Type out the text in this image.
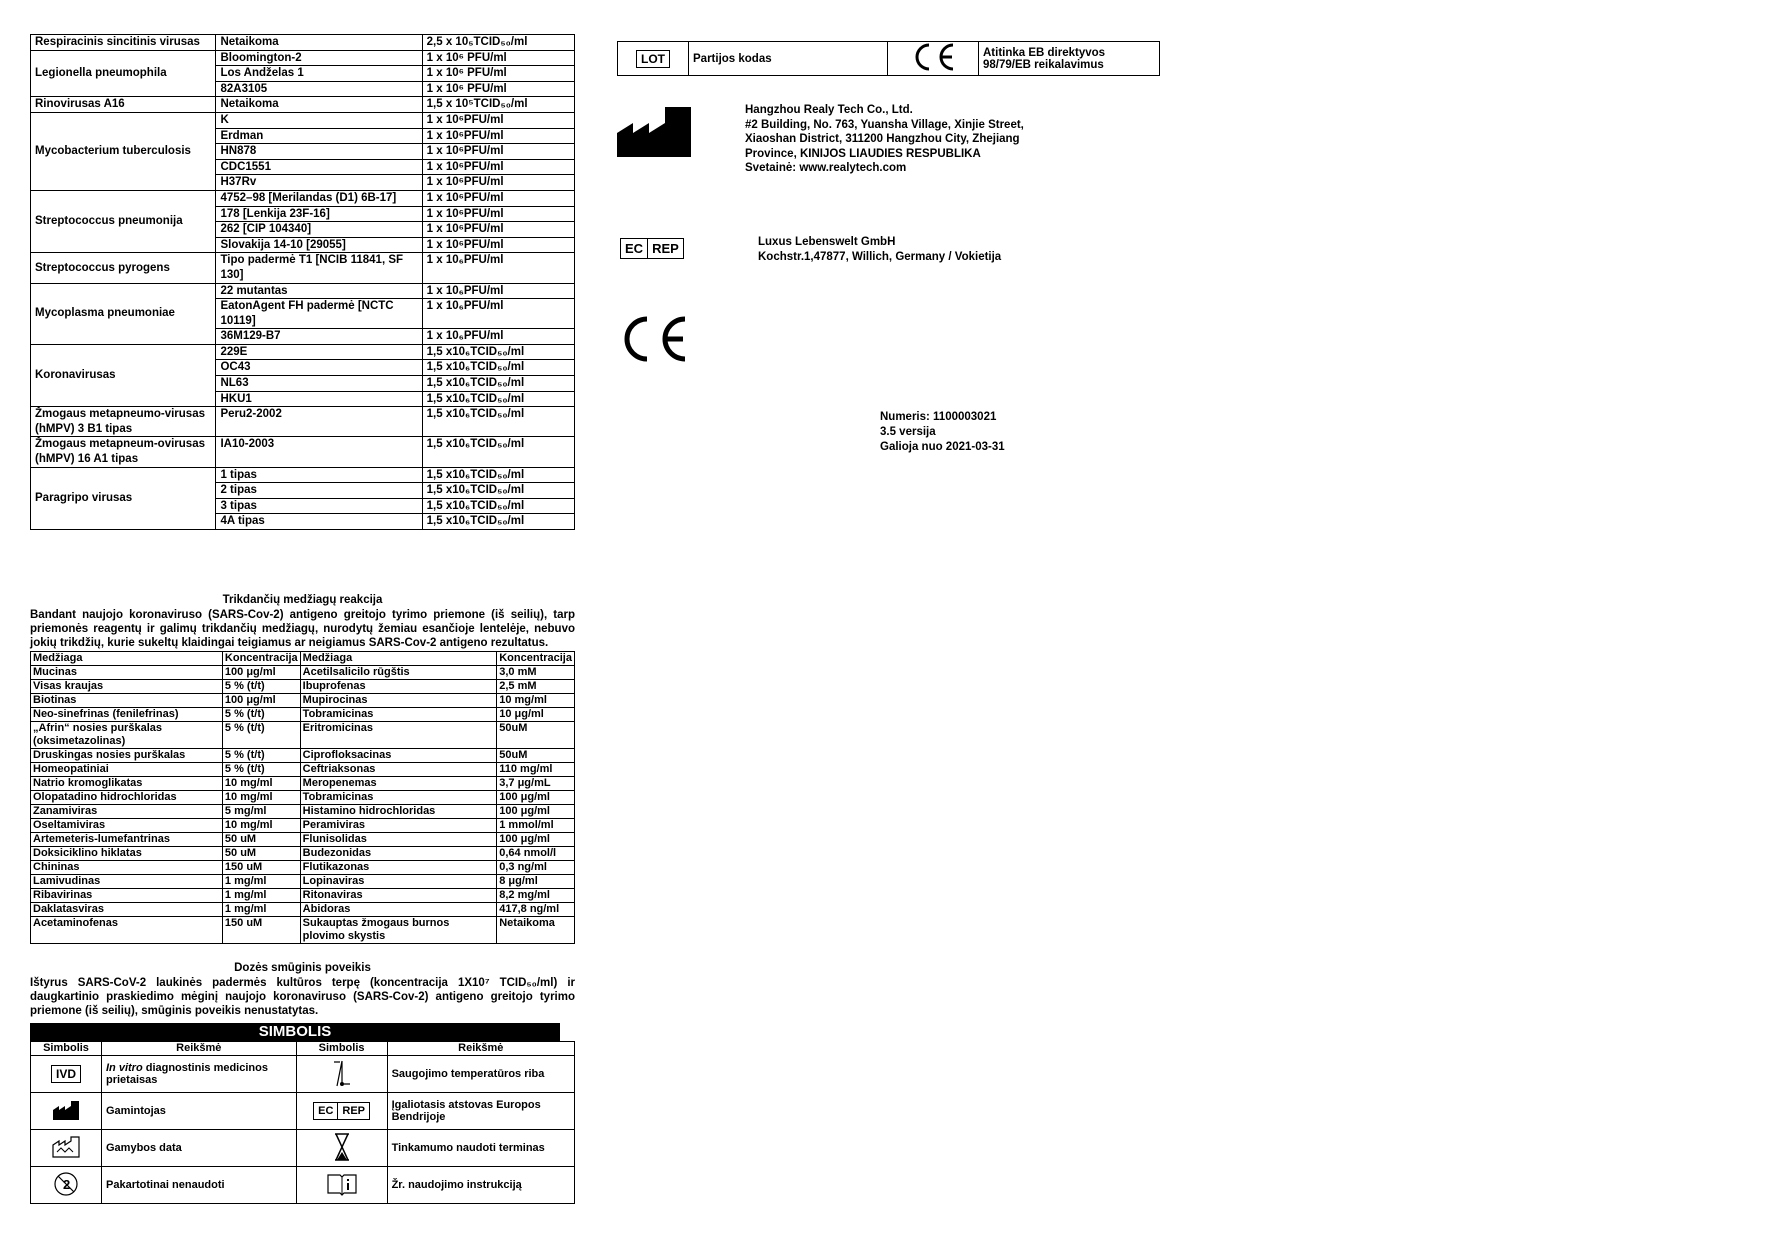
Respiracinis sincitinis virusas	Netaikoma	2,5 x 10₅TCID₅₀/ml
Legionella pneumophila	Bloomington-2	1 x 10⁶ PFU/ml
	Los Andželas 1	1 x 10⁶ PFU/ml
	82A3105	1 x 10⁶ PFU/ml
Rinovirusas A16	Netaikoma	1,5 x 10⁵TCID₅₀/ml
Mycobacterium tuberculosis	K	1 x 10⁶PFU/ml
	Erdman	1 x 10⁶PFU/ml
	HN878	1 x 10⁶PFU/ml
	CDC1551	1 x 10⁶PFU/ml
	H37Rv	1 x 10⁶PFU/ml
Streptococcus pneumonija	4752–98 [Merilandas (D1) 6B-17]	1 x 10⁶PFU/ml
	178 [Lenkija 23F-16]	1 x 10⁶PFU/ml
	262 [CIP 104340]	1 x 10⁶PFU/ml
	Slovakija 14-10 [29055]	1 x 10⁶PFU/ml
Streptococcus pyrogens	Tipo padermė T1 [NCIB 11841, SF 130]	1 x 10₆PFU/ml
Mycoplasma pneumoniae	22 mutantas	1 x 10₆PFU/ml
	EatonAgent FH padermė [NCTC 10119]	1 x 10₆PFU/ml
	36M129-B7	1 x 10₆PFU/ml
Koronavirusas	229E	1,5 x10₆TCID₅₀/ml
	OC43	1,5 x10₆TCID₅₀/ml
	NL63	1,5 x10₆TCID₅₀/ml
	HKU1	1,5 x10₆TCID₅₀/ml
Žmogaus metapneumo-virusas (hMPV) 3 B1 tipas	Peru2-2002	1,5 x10₆TCID₅₀/ml
Žmogaus metapneum-ovirusas (hMPV) 16 A1 tipas	IA10-2003	1,5 x10₆TCID₅₀/ml
Paragripo virusas	1 tipas	1,5 x10₆TCID₅₀/ml
	2 tipas	1,5 x10₆TCID₅₀/ml
	3 tipas	1,5 x10₆TCID₅₀/ml
	4A tipas	1,5 x10₆TCID₅₀/ml
Trikdančių medžiagų reakcija
Bandant naujojo koronaviruso (SARS-Cov-2) antigeno greitojo tyrimo priemone (iš seilių), tarp priemonės reagentų ir galimų trikdančių medžiagų, nurodytų žemiau esančioje lentelėje, nebuvo jokių trikdžių, kurie sukeltų klaidingai teigiamus ar neigiamus SARS-Cov-2 antigeno rezultatus.
Medžiaga	Koncentracija	Medžiaga	Koncentracija
Mucinas	100 μg/ml	Acetilsalicilo rūgštis	3,0 mM
Visas kraujas	5 % (t/t)	Ibuprofenas	2,5 mM
Biotinas	100 μg/ml	Mupirocinas	10 mg/ml
Neo-sinefrinas (fenilefrinas)	5 % (t/t)	Tobramicinas	10 μg/ml
„Afrin“ nosies purškalas (oksimetazolinas)	5 % (t/t)	Eritromicinas	50uM
Druskingas nosies purškalas	5 % (t/t)	Ciprofloksacinas	50uM
Homeopatiniai	5 % (t/t)	Ceftriaksonas	110 mg/ml
Natrio kromoglikatas	10 mg/ml	Meropenemas	3,7 μg/mL
Olopatadino hidrochloridas	10 mg/ml	Tobramicinas	100 μg/ml
Zanamiviras	5 mg/ml	Histamino hidrochloridas	100 μg/ml
Oseltamiviras	10 mg/ml	Peramiviras	1 mmol/ml
Artemeteris-lumefantrinas	50 uM	Flunisolidas	100 μg/ml
Doksiciklino hiklatas	50 uM	Budezonidas	0,64 nmol/l
Chininas	150 uM	Flutikazonas	0,3 ng/ml
Lamivudinas	1 mg/ml	Lopinaviras	8 μg/ml
Ribavirinas	1 mg/ml	Ritonaviras	8,2 mg/ml
Daklatasviras	1 mg/ml	Abidoras	417,8 ng/ml
Acetaminofenas	150 uM	Sukauptas žmogaus burnos plovimo skystis	Netaikoma
Dozės smūginis poveikis
Ištyrus SARS-CoV-2 laukinės padermės kultūros terpę (koncentracija 1X10⁷ TCID₅₀/ml) ir daugkartinio praskiedimo mėginį naujojo koronaviruso (SARS-Cov-2) antigeno greitojo tyrimo priemone (iš seilių), smūginis poveikis nenustatytas.
SIMBOLIS
Simbolis	Reikšmė	Simbolis	Reikšmė
IVD	In vitro diagnostinis medicinos prietaisas		Saugojimo temperatūros riba
	Gamintojas	EC REP	Įgaliotasis atstovas Europos Bendrijoje
	Gamybos data		Tinkamumo naudoti terminas

2	Pakartotinai nenaudoti		Žr. naudojimo instrukciją
LOT	Partijos kodas		Atitinka EB direktyvos 98/79/EB reikalavimus
Hangzhou Realy Tech Co., Ltd.
#2 Building, No. 763, Yuansha Village, Xinjie Street,
Xiaoshan District, 311200 Hangzhou City, Zhejiang
Province, KINIJOS LIAUDIES RESPUBLIKA
Svetainė: www.realytech.com
EC REP	Luxus Lebenswelt GmbH
Kochstr.1,47877, Willich, Germany / Vokietija
Numeris: 1100003021
3.5 versija
Galioja nuo 2021-03-31
